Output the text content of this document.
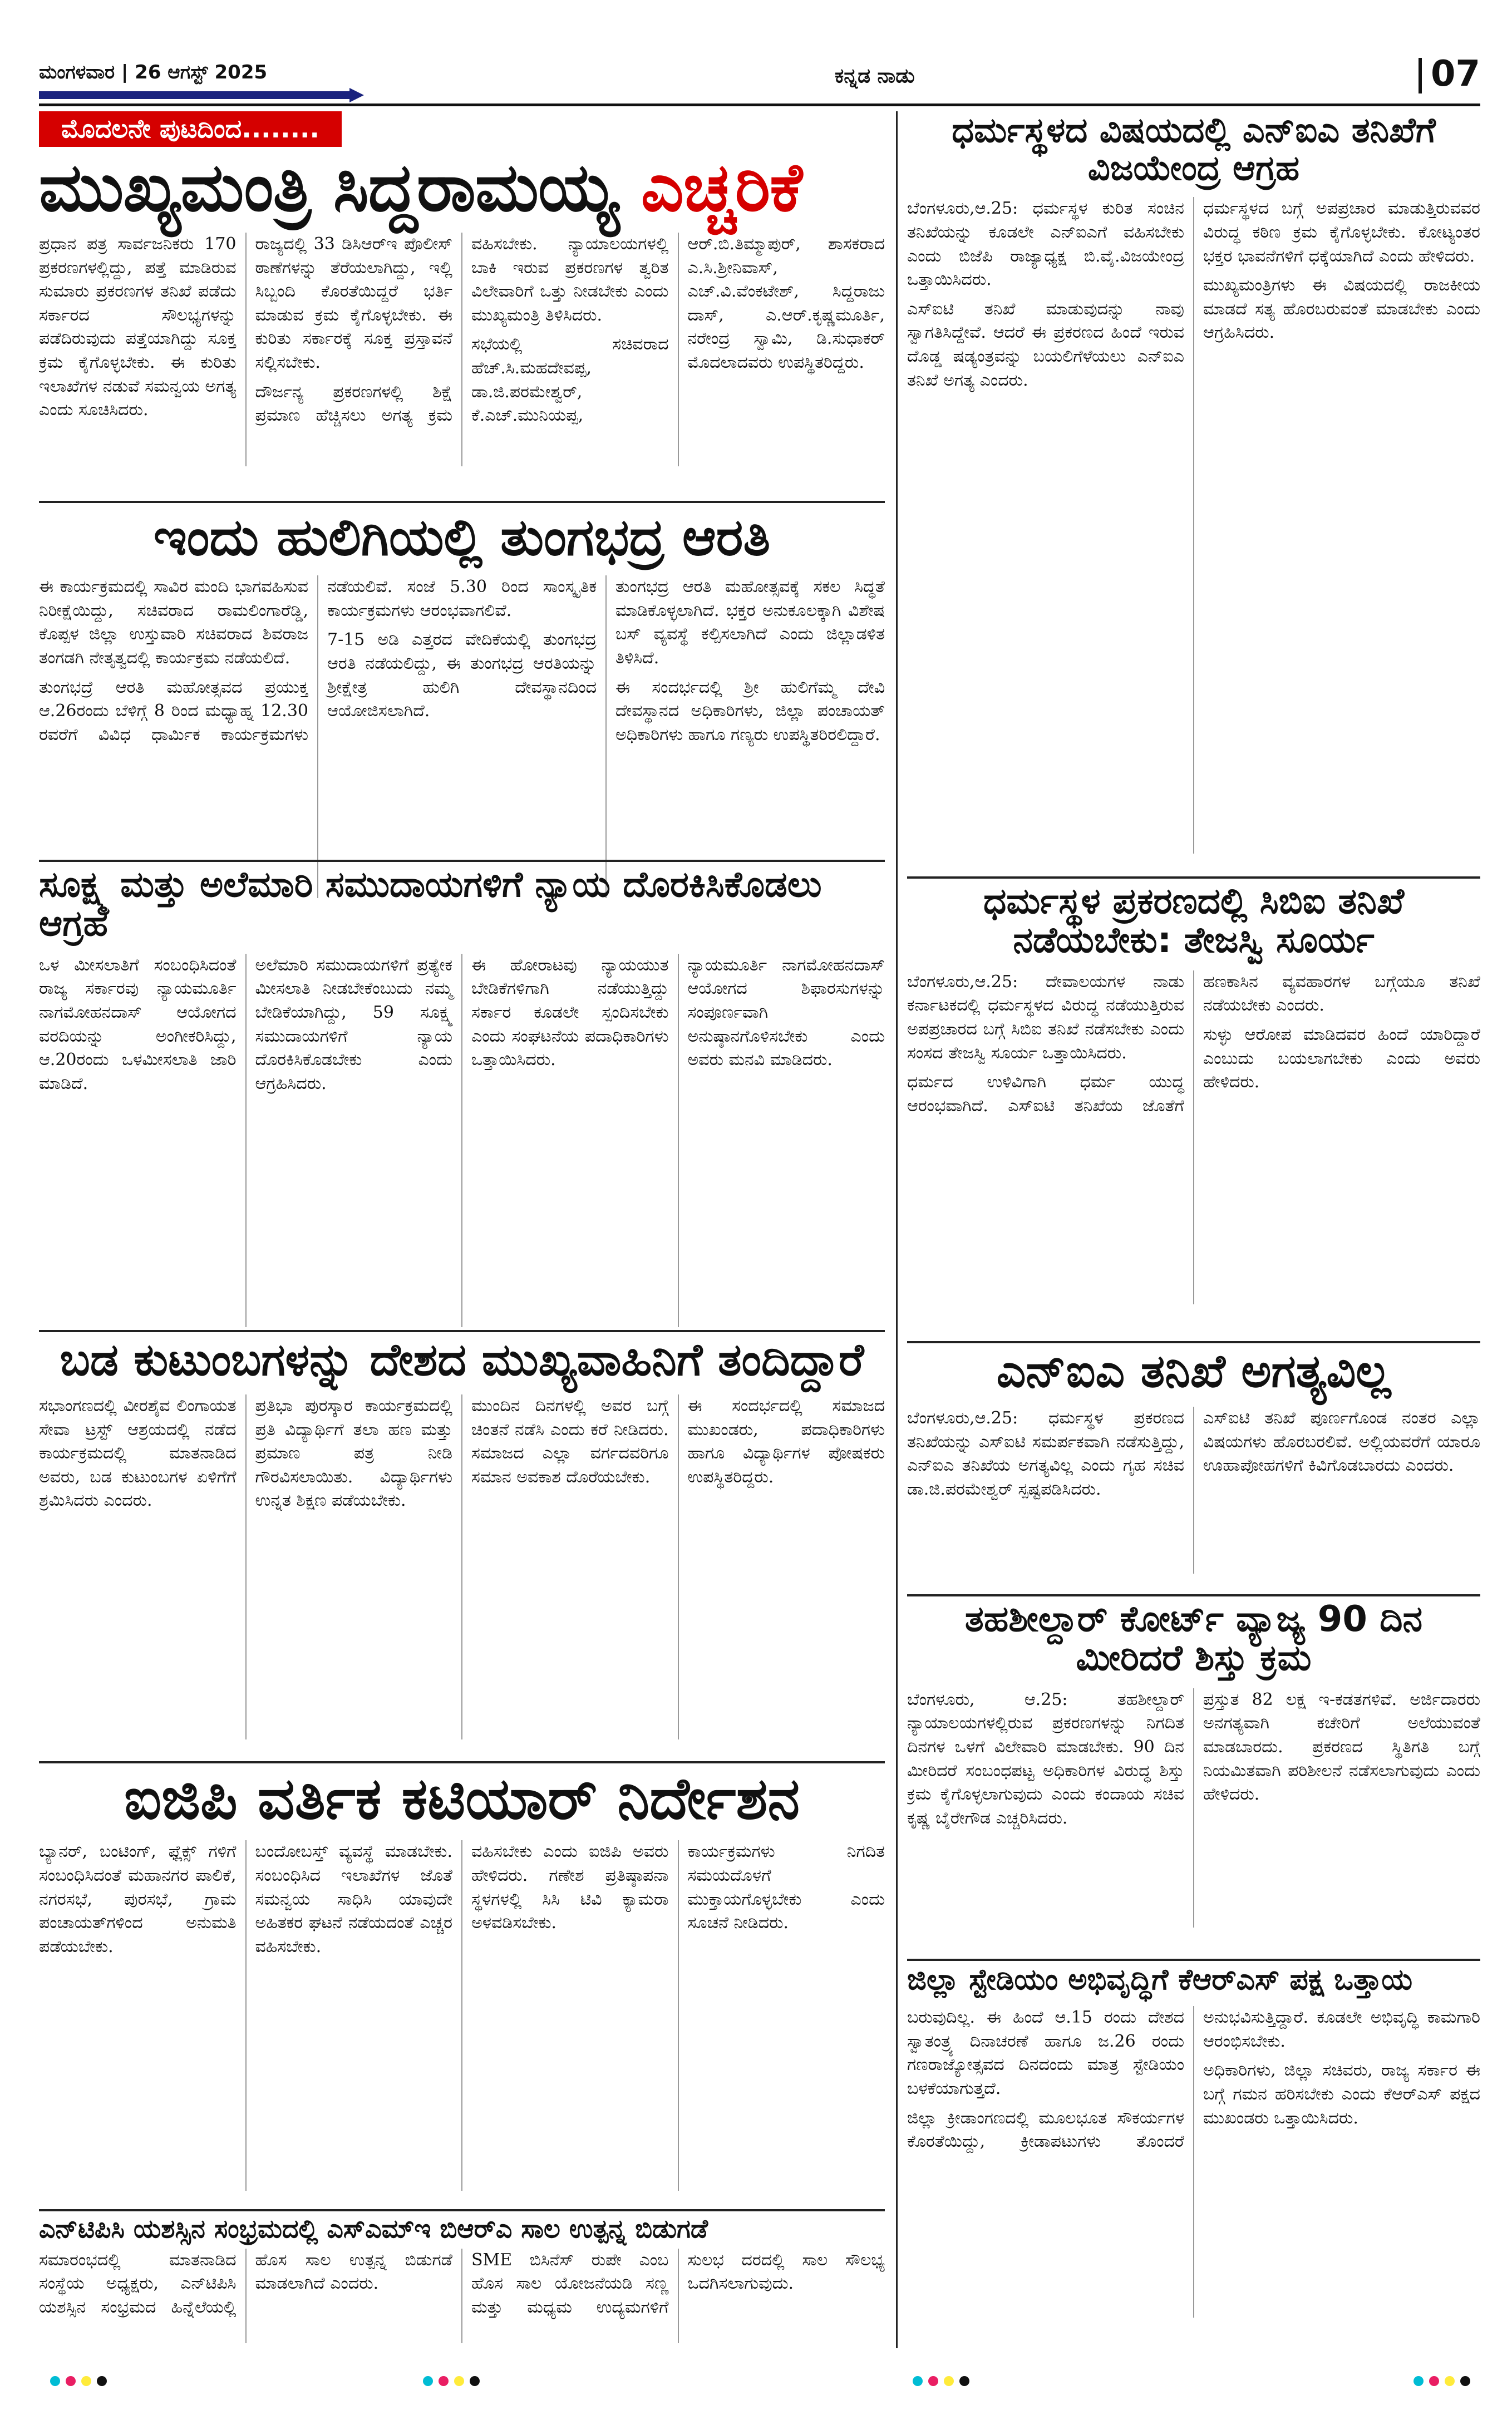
ಮಂಗಳವಾರ | 26 ಆಗಸ್ಟ್ 2025	ಕನ್ನಡ ನಾಡು	07
ಮೊದಲನೇ ಪುಟದಿಂದ........
ಮುಖ್ಯಮಂತ್ರಿ ಸಿದ್ದರಾಮಯ್ಯ ಎಚ್ಚರಿಕೆ

ಪ್ರಧಾನ ಪತ್ರ ಸಾರ್ವಜನಿಕರು 170 ಪ್ರಕರಣಗಳಲ್ಲಿದ್ದು, ಪತ್ತೆ ಮಾಡಿರುವ ಸುಮಾರು ಪ್ರಕರಣಗಳ ತನಿಖೆ ಪಡೆದು ಸರ್ಕಾರದ ಸೌಲಭ್ಯಗಳನ್ನು ಪಡೆದಿರುವುದು ಪತ್ತೆಯಾಗಿದ್ದು ಸೂಕ್ತ ಕ್ರಮ ಕೈಗೊಳ್ಳಬೇಕು. ಈ ಕುರಿತು ಇಲಾಖೆಗಳ ನಡುವೆ ಸಮನ್ವಯ ಅಗತ್ಯ ಎಂದು ಸೂಚಿಸಿದರು.

ರಾಜ್ಯದಲ್ಲಿ 33 ಡಿಸಿಆರ್‌ಇ ಪೊಲೀಸ್ ಠಾಣೆಗಳನ್ನು ತೆರೆಯಲಾಗಿದ್ದು, ಇಲ್ಲಿ ಸಿಬ್ಬಂದಿ ಕೊರತೆಯಿದ್ದರೆ ಭರ್ತಿ ಮಾಡುವ ಕ್ರಮ ಕೈಗೊಳ್ಳಬೇಕು. ಈ ಕುರಿತು ಸರ್ಕಾರಕ್ಕೆ ಸೂಕ್ತ ಪ್ರಸ್ತಾವನೆ ಸಲ್ಲಿಸಬೇಕು.

ದೌರ್ಜನ್ಯ ಪ್ರಕರಣಗಳಲ್ಲಿ ಶಿಕ್ಷೆ ಪ್ರಮಾಣ ಹೆಚ್ಚಿಸಲು ಅಗತ್ಯ ಕ್ರಮ ವಹಿಸಬೇಕು. ನ್ಯಾಯಾಲಯಗಳಲ್ಲಿ ಬಾಕಿ ಇರುವ ಪ್ರಕರಣಗಳ ತ್ವರಿತ ವಿಲೇವಾರಿಗೆ ಒತ್ತು ನೀಡಬೇಕು ಎಂದು ಮುಖ್ಯಮಂತ್ರಿ ತಿಳಿಸಿದರು.

ಸಭೆಯಲ್ಲಿ ಸಚಿವರಾದ ಹೆಚ್.ಸಿ.ಮಹದೇವಪ್ಪ, ಡಾ.ಜಿ.ಪರಮೇಶ್ವರ್, ಕೆ.ಎಚ್.ಮುನಿಯಪ್ಪ, ಆರ್.ಬಿ.ತಿಮ್ಮಾಪುರ್, ಶಾಸಕರಾದ ಎ.ಸಿ.ಶ್ರೀನಿವಾಸ್, ಎಚ್.ವಿ.ವೆಂಕಟೇಶ್, ಸಿದ್ದರಾಜು ದಾಸ್, ಎ.ಆರ್.ಕೃಷ್ಣಮೂರ್ತಿ, ನರೇಂದ್ರ ಸ್ವಾಮಿ, ಡಿ.ಸುಧಾಕರ್ ಮೊದಲಾದವರು ಉಪಸ್ಥಿತರಿದ್ದರು.

ಇಂದು ಹುಲಿಗಿಯಲ್ಲಿ ತುಂಗಭದ್ರ ಆರತಿ

ಈ ಕಾರ್ಯಕ್ರಮದಲ್ಲಿ ಸಾವಿರ ಮಂದಿ ಭಾಗವಹಿಸುವ ನಿರೀಕ್ಷೆಯಿದ್ದು, ಸಚಿವರಾದ ರಾಮಲಿಂಗಾರೆಡ್ಡಿ, ಕೊಪ್ಪಳ ಜಿಲ್ಲಾ ಉಸ್ತುವಾರಿ ಸಚಿವರಾದ ಶಿವರಾಜ ತಂಗಡಗಿ ನೇತೃತ್ವದಲ್ಲಿ ಕಾರ್ಯಕ್ರಮ ನಡೆಯಲಿದೆ.

ತುಂಗಭದ್ರೆ ಆರತಿ ಮಹೋತ್ಸವದ ಪ್ರಯುಕ್ತ ಆ.26ರಂದು ಬೆಳಿಗ್ಗೆ 8 ರಿಂದ ಮಧ್ಯಾಹ್ನ 12.30 ರವರೆಗೆ ವಿವಿಧ ಧಾರ್ಮಿಕ ಕಾರ್ಯಕ್ರಮಗಳು ನಡೆಯಲಿವೆ. ಸಂಜೆ 5.30 ರಿಂದ ಸಾಂಸ್ಕೃತಿಕ ಕಾರ್ಯಕ್ರಮಗಳು ಆರಂಭವಾಗಲಿವೆ.

7-15 ಅಡಿ ಎತ್ತರದ ವೇದಿಕೆಯಲ್ಲಿ ತುಂಗಭದ್ರ ಆರತಿ ನಡೆಯಲಿದ್ದು, ಈ ತುಂಗಭದ್ರ ಆರತಿಯನ್ನು ಶ್ರೀಕ್ಷೇತ್ರ ಹುಲಿಗಿ ದೇವಸ್ಥಾನದಿಂದ ಆಯೋಜಿಸಲಾಗಿದೆ.

ತುಂಗಭದ್ರ ಆರತಿ ಮಹೋತ್ಸವಕ್ಕೆ ಸಕಲ ಸಿದ್ಧತೆ ಮಾಡಿಕೊಳ್ಳಲಾಗಿದೆ. ಭಕ್ತರ ಅನುಕೂಲಕ್ಕಾಗಿ ವಿಶೇಷ ಬಸ್ ವ್ಯವಸ್ಥೆ ಕಲ್ಪಿಸಲಾಗಿದೆ ಎಂದು ಜಿಲ್ಲಾಡಳಿತ ತಿಳಿಸಿದೆ.

ಈ ಸಂದರ್ಭದಲ್ಲಿ ಶ್ರೀ ಹುಲಿಗೆಮ್ಮ ದೇವಿ ದೇವಸ್ಥಾನದ ಅಧಿಕಾರಿಗಳು, ಜಿಲ್ಲಾ ಪಂಚಾಯತ್ ಅಧಿಕಾರಿಗಳು ಹಾಗೂ ಗಣ್ಯರು ಉಪಸ್ಥಿತರಿರಲಿದ್ದಾರೆ.

ಸೂಕ್ಷ್ಮ ಮತ್ತು ಅಲೆಮಾರಿ ಸಮುದಾಯಗಳಿಗೆ ನ್ಯಾಯ ದೊರಕಿಸಿಕೊಡಲು ಆಗ್ರಹ

ಒಳ ಮೀಸಲಾತಿಗೆ ಸಂಬಂಧಿಸಿದಂತೆ ರಾಜ್ಯ ಸರ್ಕಾರವು ನ್ಯಾಯಮೂರ್ತಿ ನಾಗಮೋಹನದಾಸ್ ಆಯೋಗದ ವರದಿಯನ್ನು ಅಂಗೀಕರಿಸಿದ್ದು, ಆ.20ರಂದು ಒಳಮೀಸಲಾತಿ ಜಾರಿ ಮಾಡಿದೆ.

ಅಲೆಮಾರಿ ಸಮುದಾಯಗಳಿಗೆ ಪ್ರತ್ಯೇಕ ಮೀಸಲಾತಿ ನೀಡಬೇಕೆಂಬುದು ನಮ್ಮ ಬೇಡಿಕೆಯಾಗಿದ್ದು, 59 ಸೂಕ್ಷ್ಮ ಸಮುದಾಯಗಳಿಗೆ ನ್ಯಾಯ ದೊರಕಿಸಿಕೊಡಬೇಕು ಎಂದು ಆಗ್ರಹಿಸಿದರು.

ಈ ಹೋರಾಟವು ನ್ಯಾಯಯುತ ಬೇಡಿಕೆಗಳಿಗಾಗಿ ನಡೆಯುತ್ತಿದ್ದು ಸರ್ಕಾರ ಕೂಡಲೇ ಸ್ಪಂದಿಸಬೇಕು ಎಂದು ಸಂಘಟನೆಯ ಪದಾಧಿಕಾರಿಗಳು ಒತ್ತಾಯಿಸಿದರು.

ನ್ಯಾಯಮೂರ್ತಿ ನಾಗಮೋಹನದಾಸ್ ಆಯೋಗದ ಶಿಫಾರಸುಗಳನ್ನು ಸಂಪೂರ್ಣವಾಗಿ ಅನುಷ್ಠಾನಗೊಳಿಸಬೇಕು ಎಂದು ಅವರು ಮನವಿ ಮಾಡಿದರು.

ಬಡ ಕುಟುಂಬಗಳನ್ನು ದೇಶದ ಮುಖ್ಯವಾಹಿನಿಗೆ ತಂದಿದ್ದಾರೆ

ಸಭಾಂಗಣದಲ್ಲಿ ವೀರಶೈವ ಲಿಂಗಾಯತ ಸೇವಾ ಟ್ರಸ್ಟ್ ಆಶ್ರಯದಲ್ಲಿ ನಡೆದ ಕಾರ್ಯಕ್ರಮದಲ್ಲಿ ಮಾತನಾಡಿದ ಅವರು, ಬಡ ಕುಟುಂಬಗಳ ಏಳಿಗೆಗೆ ಶ್ರಮಿಸಿದರು ಎಂದರು.

ಪ್ರತಿಭಾ ಪುರಸ್ಕಾರ ಕಾರ್ಯಕ್ರಮದಲ್ಲಿ ಪ್ರತಿ ವಿದ್ಯಾರ್ಥಿಗೆ ತಲಾ ಹಣ ಮತ್ತು ಪ್ರಮಾಣ ಪತ್ರ ನೀಡಿ ಗೌರವಿಸಲಾಯಿತು. ವಿದ್ಯಾರ್ಥಿಗಳು ಉನ್ನತ ಶಿಕ್ಷಣ ಪಡೆಯಬೇಕು.

ಮುಂದಿನ ದಿನಗಳಲ್ಲಿ ಅವರ ಬಗ್ಗೆ ಚಿಂತನೆ ನಡೆಸಿ ಎಂದು ಕರೆ ನೀಡಿದರು. ಸಮಾಜದ ಎಲ್ಲಾ ವರ್ಗದವರಿಗೂ ಸಮಾನ ಅವಕಾಶ ದೊರೆಯಬೇಕು.

ಈ ಸಂದರ್ಭದಲ್ಲಿ ಸಮಾಜದ ಮುಖಂಡರು, ಪದಾಧಿಕಾರಿಗಳು ಹಾಗೂ ವಿದ್ಯಾರ್ಥಿಗಳ ಪೋಷಕರು ಉಪಸ್ಥಿತರಿದ್ದರು.

ಐಜಿಪಿ ವರ್ತಿಕ ಕಟಿಯಾರ್ ನಿರ್ದೇಶನ

ಬ್ಯಾನರ್, ಬಂಟಿಂಗ್, ಫ್ಲೆಕ್ಸ್ ಗಳಿಗೆ ಸಂಬಂಧಿಸಿದಂತೆ ಮಹಾನಗರ ಪಾಲಿಕೆ, ನಗರಸಭೆ, ಪುರಸಭೆ, ಗ್ರಾಮ ಪಂಚಾಯತ್‌ಗಳಿಂದ ಅನುಮತಿ ಪಡೆಯಬೇಕು.

ಬಂದೋಬಸ್ತ್ ವ್ಯವಸ್ಥೆ ಮಾಡಬೇಕು. ಸಂಬಂಧಿಸಿದ ಇಲಾಖೆಗಳ ಜೊತೆ ಸಮನ್ವಯ ಸಾಧಿಸಿ ಯಾವುದೇ ಅಹಿತಕರ ಘಟನೆ ನಡೆಯದಂತೆ ಎಚ್ಚರ ವಹಿಸಬೇಕು.

ವಹಿಸಬೇಕು ಎಂದು ಐಜಿಪಿ ಅವರು ಹೇಳಿದರು. ಗಣೇಶ ಪ್ರತಿಷ್ಠಾಪನಾ ಸ್ಥಳಗಳಲ್ಲಿ ಸಿಸಿ ಟಿವಿ ಕ್ಯಾಮರಾ ಅಳವಡಿಸಬೇಕು.

ಕಾರ್ಯಕ್ರಮಗಳು ನಿಗದಿತ ಸಮಯದೊಳಗೆ ಮುಕ್ತಾಯಗೊಳ್ಳಬೇಕು ಎಂದು ಸೂಚನೆ ನೀಡಿದರು.

ಎನ್‌ಟಿಪಿಸಿ ಯಶಸ್ಸಿನ ಸಂಭ್ರಮದಲ್ಲಿ ಎಸ್‌ಎಮ್‌ಇ ಬಿಆರ್‌ಎ ಸಾಲ ಉತ್ಪನ್ನ ಬಿಡುಗಡೆ

ಸಮಾರಂಭದಲ್ಲಿ ಮಾತನಾಡಿದ ಸಂಸ್ಥೆಯ ಅಧ್ಯಕ್ಷರು, ಎನ್‌ಟಿಪಿಸಿ ಯಶಸ್ಸಿನ ಸಂಭ್ರಮದ ಹಿನ್ನೆಲೆಯಲ್ಲಿ ಹೊಸ ಸಾಲ ಉತ್ಪನ್ನ ಬಿಡುಗಡೆ ಮಾಡಲಾಗಿದೆ ಎಂದರು.

SME ಬಿಸಿನೆಸ್ ರುಪೇ ಎಂಬ ಹೊಸ ಸಾಲ ಯೋಜನೆಯಡಿ ಸಣ್ಣ ಮತ್ತು ಮಧ್ಯಮ ಉದ್ಯಮಗಳಿಗೆ ಸುಲಭ ದರದಲ್ಲಿ ಸಾಲ ಸೌಲಭ್ಯ ಒದಗಿಸಲಾಗುವುದು.

ಧರ್ಮಸ್ಥಳದ ವಿಷಯದಲ್ಲಿ ಎನ್ಐಎ ತನಿಖೆಗೆ ವಿಜಯೇಂದ್ರ ಆಗ್ರಹ

ಬೆಂಗಳೂರು,ಆ.25: ಧರ್ಮಸ್ಥಳ ಕುರಿತ ಸಂಚಿನ ತನಿಖೆಯನ್ನು ಕೂಡಲೇ ಎನ್‌ಐಎಗೆ ವಹಿಸಬೇಕು ಎಂದು ಬಿಜೆಪಿ ರಾಜ್ಯಾಧ್ಯಕ್ಷ ಬಿ.ವೈ.ವಿಜಯೇಂದ್ರ ಒತ್ತಾಯಿಸಿದರು.

ಎಸ್‌ಐಟಿ ತನಿಖೆ ಮಾಡುವುದನ್ನು ನಾವು ಸ್ವಾಗತಿಸಿದ್ದೇವೆ. ಆದರೆ ಈ ಪ್ರಕರಣದ ಹಿಂದೆ ಇರುವ ದೊಡ್ಡ ಷಡ್ಯಂತ್ರವನ್ನು ಬಯಲಿಗೆಳೆಯಲು ಎನ್‌ಐಎ ತನಿಖೆ ಅಗತ್ಯ ಎಂದರು.

ಧರ್ಮಸ್ಥಳದ ಬಗ್ಗೆ ಅಪಪ್ರಚಾರ ಮಾಡುತ್ತಿರುವವರ ವಿರುದ್ಧ ಕಠಿಣ ಕ್ರಮ ಕೈಗೊಳ್ಳಬೇಕು. ಕೋಟ್ಯಂತರ ಭಕ್ತರ ಭಾವನೆಗಳಿಗೆ ಧಕ್ಕೆಯಾಗಿದೆ ಎಂದು ಹೇಳಿದರು.

ಮುಖ್ಯಮಂತ್ರಿಗಳು ಈ ವಿಷಯದಲ್ಲಿ ರಾಜಕೀಯ ಮಾಡದೆ ಸತ್ಯ ಹೊರಬರುವಂತೆ ಮಾಡಬೇಕು ಎಂದು ಆಗ್ರಹಿಸಿದರು.

ಧರ್ಮಸ್ಥಳ ಪ್ರಕರಣದಲ್ಲಿ ಸಿಬಿಐ ತನಿಖೆ ನಡೆಯಬೇಕು: ತೇಜಸ್ವಿ ಸೂರ್ಯ

ಬೆಂಗಳೂರು,ಆ.25: ದೇವಾಲಯಗಳ ನಾಡು ಕರ್ನಾಟಕದಲ್ಲಿ ಧರ್ಮಸ್ಥಳದ ವಿರುದ್ಧ ನಡೆಯುತ್ತಿರುವ ಅಪಪ್ರಚಾರದ ಬಗ್ಗೆ ಸಿಬಿಐ ತನಿಖೆ ನಡೆಸಬೇಕು ಎಂದು ಸಂಸದ ತೇಜಸ್ವಿ ಸೂರ್ಯ ಒತ್ತಾಯಿಸಿದರು.

ಧರ್ಮದ ಉಳಿವಿಗಾಗಿ ಧರ್ಮ ಯುದ್ಧ ಆರಂಭವಾಗಿದೆ. ಎಸ್‌ಐಟಿ ತನಿಖೆಯ ಜೊತೆಗೆ ಹಣಕಾಸಿನ ವ್ಯವಹಾರಗಳ ಬಗ್ಗೆಯೂ ತನಿಖೆ ನಡೆಯಬೇಕು ಎಂದರು.

ಸುಳ್ಳು ಆರೋಪ ಮಾಡಿದವರ ಹಿಂದೆ ಯಾರಿದ್ದಾರೆ ಎಂಬುದು ಬಯಲಾಗಬೇಕು ಎಂದು ಅವರು ಹೇಳಿದರು.

ಎನ್ಐಎ ತನಿಖೆ ಅಗತ್ಯವಿಲ್ಲ

ಬೆಂಗಳೂರು,ಆ.25: ಧರ್ಮಸ್ಥಳ ಪ್ರಕರಣದ ತನಿಖೆಯನ್ನು ಎಸ್‌ಐಟಿ ಸಮರ್ಪಕವಾಗಿ ನಡೆಸುತ್ತಿದ್ದು, ಎನ್‌ಐಎ ತನಿಖೆಯ ಅಗತ್ಯವಿಲ್ಲ ಎಂದು ಗೃಹ ಸಚಿವ ಡಾ.ಜಿ.ಪರಮೇಶ್ವರ್ ಸ್ಪಷ್ಟಪಡಿಸಿದರು.

ಎಸ್‌ಐಟಿ ತನಿಖೆ ಪೂರ್ಣಗೊಂಡ ನಂತರ ಎಲ್ಲಾ ವಿಷಯಗಳು ಹೊರಬರಲಿವೆ. ಅಲ್ಲಿಯವರೆಗೆ ಯಾರೂ ಊಹಾಪೋಹಗಳಿಗೆ ಕಿವಿಗೊಡಬಾರದು ಎಂದರು.

ತಹಶೀಲ್ದಾರ್ ಕೋರ್ಟ್ ವ್ಯಾಜ್ಯ 90 ದಿನ ಮೀರಿದರೆ ಶಿಸ್ತು ಕ್ರಮ

ಬೆಂಗಳೂರು, ಆ.25: ತಹಶೀಲ್ದಾರ್ ನ್ಯಾಯಾಲಯಗಳಲ್ಲಿರುವ ಪ್ರಕರಣಗಳನ್ನು ನಿಗದಿತ ದಿನಗಳ ಒಳಗೆ ವಿಲೇವಾರಿ ಮಾಡಬೇಕು. 90 ದಿನ ಮೀರಿದರೆ ಸಂಬಂಧಪಟ್ಟ ಅಧಿಕಾರಿಗಳ ವಿರುದ್ಧ ಶಿಸ್ತು ಕ್ರಮ ಕೈಗೊಳ್ಳಲಾಗುವುದು ಎಂದು ಕಂದಾಯ ಸಚಿವ ಕೃಷ್ಣ ಬೈರೇಗೌಡ ಎಚ್ಚರಿಸಿದರು.

ಪ್ರಸ್ತುತ 82 ಲಕ್ಷ ಇ-ಕಡತಗಳಿವೆ. ಅರ್ಜಿದಾರರು ಅನಗತ್ಯವಾಗಿ ಕಚೇರಿಗೆ ಅಲೆಯುವಂತೆ ಮಾಡಬಾರದು. ಪ್ರಕರಣದ ಸ್ಥಿತಿಗತಿ ಬಗ್ಗೆ ನಿಯಮಿತವಾಗಿ ಪರಿಶೀಲನೆ ನಡೆಸಲಾಗುವುದು ಎಂದು ಹೇಳಿದರು.

ಜಿಲ್ಲಾ ಸ್ಟೇಡಿಯಂ ಅಭಿವೃದ್ಧಿಗೆ ಕೆಆರ್‌ಎಸ್ ಪಕ್ಷ ಒತ್ತಾಯ

ಬರುವುದಿಲ್ಲ. ಈ ಹಿಂದೆ ಆ.15 ರಂದು ದೇಶದ ಸ್ವಾತಂತ್ರ್ಯ ದಿನಾಚರಣೆ ಹಾಗೂ ಜ.26 ರಂದು ಗಣರಾಜ್ಯೋತ್ಸವದ ದಿನದಂದು ಮಾತ್ರ ಸ್ಟೇಡಿಯಂ ಬಳಕೆಯಾಗುತ್ತದೆ.

ಜಿಲ್ಲಾ ಕ್ರೀಡಾಂಗಣದಲ್ಲಿ ಮೂಲಭೂತ ಸೌಕರ್ಯಗಳ ಕೊರತೆಯಿದ್ದು, ಕ್ರೀಡಾಪಟುಗಳು ತೊಂದರೆ ಅನುಭವಿಸುತ್ತಿದ್ದಾರೆ. ಕೂಡಲೇ ಅಭಿವೃದ್ಧಿ ಕಾಮಗಾರಿ ಆರಂಭಿಸಬೇಕು.

ಅಧಿಕಾರಿಗಳು, ಜಿಲ್ಲಾ ಸಚಿವರು, ರಾಜ್ಯ ಸರ್ಕಾರ ಈ ಬಗ್ಗೆ ಗಮನ ಹರಿಸಬೇಕು ಎಂದು ಕೆಆರ್‌ಎಸ್ ಪಕ್ಷದ ಮುಖಂಡರು ಒತ್ತಾಯಿಸಿದರು.
